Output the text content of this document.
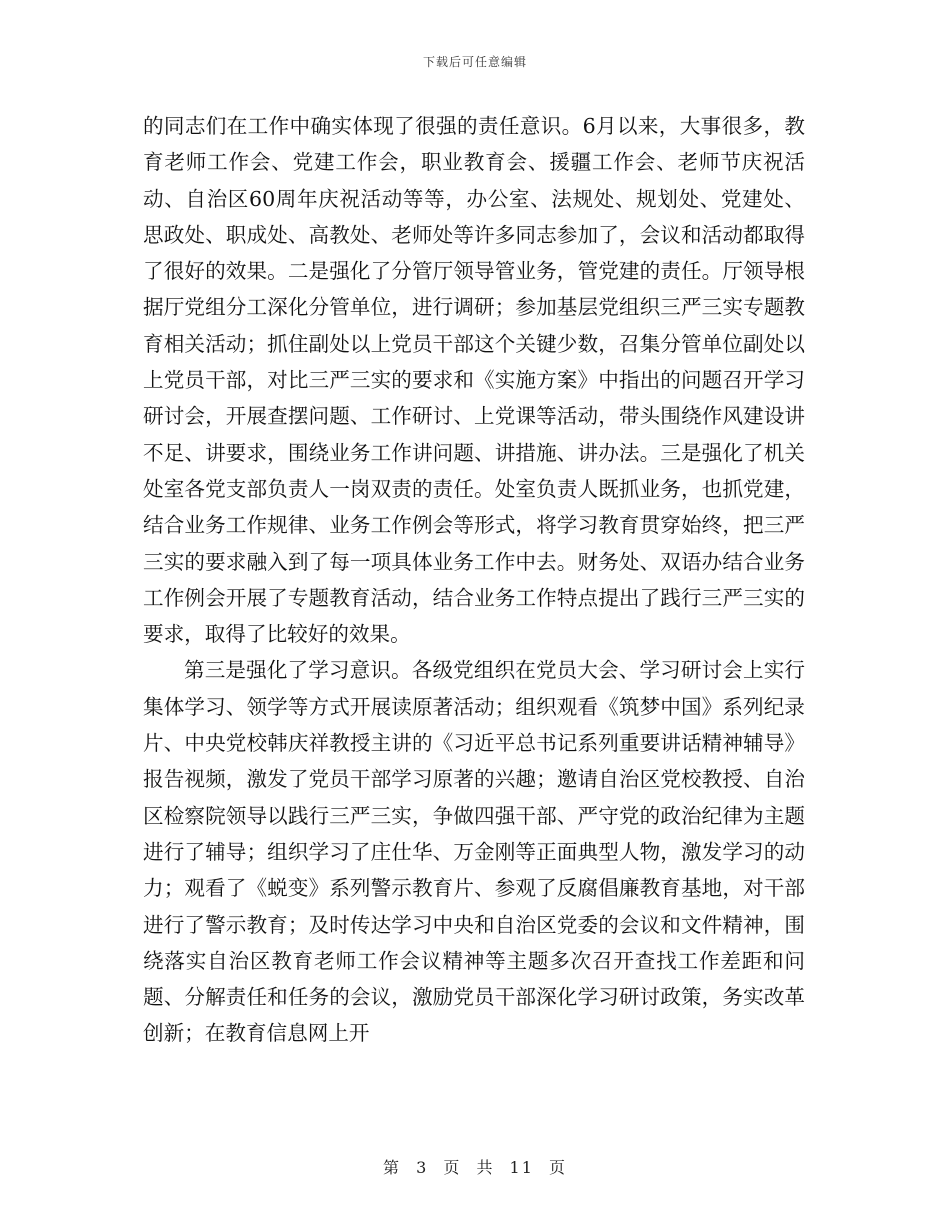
下载后可任意编辑

的同志们在工作中确实体现了很强的责任意识。6月以来，大事很多，教育老师工作会、党建工作会，职业教育会、援疆工作会、老师节庆祝活动、自治区60周年庆祝活动等等，办公室、法规处、规划处、党建处、思政处、职成处、高教处、老师处等许多同志参加了，会议和活动都取得了很好的效果。二是强化了分管厅领导管业务，管党建的责任。厅领导根据厅党组分工深化分管单位，进行调研；参加基层党组织三严三实专题教育相关活动；抓住副处以上党员干部这个关键少数，召集分管单位副处以上党员干部，对比三严三实的要求和《实施方案》中指出的问题召开学习研讨会，开展查摆问题、工作研讨、上党课等活动，带头围绕作风建设讲不足、讲要求，围绕业务工作讲问题、讲措施、讲办法。三是强化了机关处室各党支部负责人一岗双责的责任。处室负责人既抓业务，也抓党建，结合业务工作规律、业务工作例会等形式，将学习教育贯穿始终，把三严三实的要求融入到了每一项具体业务工作中去。财务处、双语办结合业务工作例会开展了专题教育活动，结合业务工作特点提出了践行三严三实的要求，取得了比较好的效果。

第三是强化了学习意识。各级党组织在党员大会、学习研讨会上实行集体学习、领学等方式开展读原著活动；组织观看《筑梦中国》系列纪录片、中央党校韩庆祥教授主讲的《习近平总书记系列重要讲话精神辅导》报告视频，激发了党员干部学习原著的兴趣；邀请自治区党校教授、自治区检察院领导以践行三严三实，争做四强干部、严守党的政治纪律为主题进行了辅导；组织学习了庄仕华、万金刚等正面典型人物，激发学习的动力；观看了《蜕变》系列警示教育片、参观了反腐倡廉教育基地，对干部进行了警示教育；及时传达学习中央和自治区党委的会议和文件精神，围绕落实自治区教育老师工作会议精神等主题多次召开查找工作差距和问题、分解责任和任务的会议，激励党员干部深化学习研讨政策，务实改革创新；在教育信息网上开

第 3 页 共 11 页
